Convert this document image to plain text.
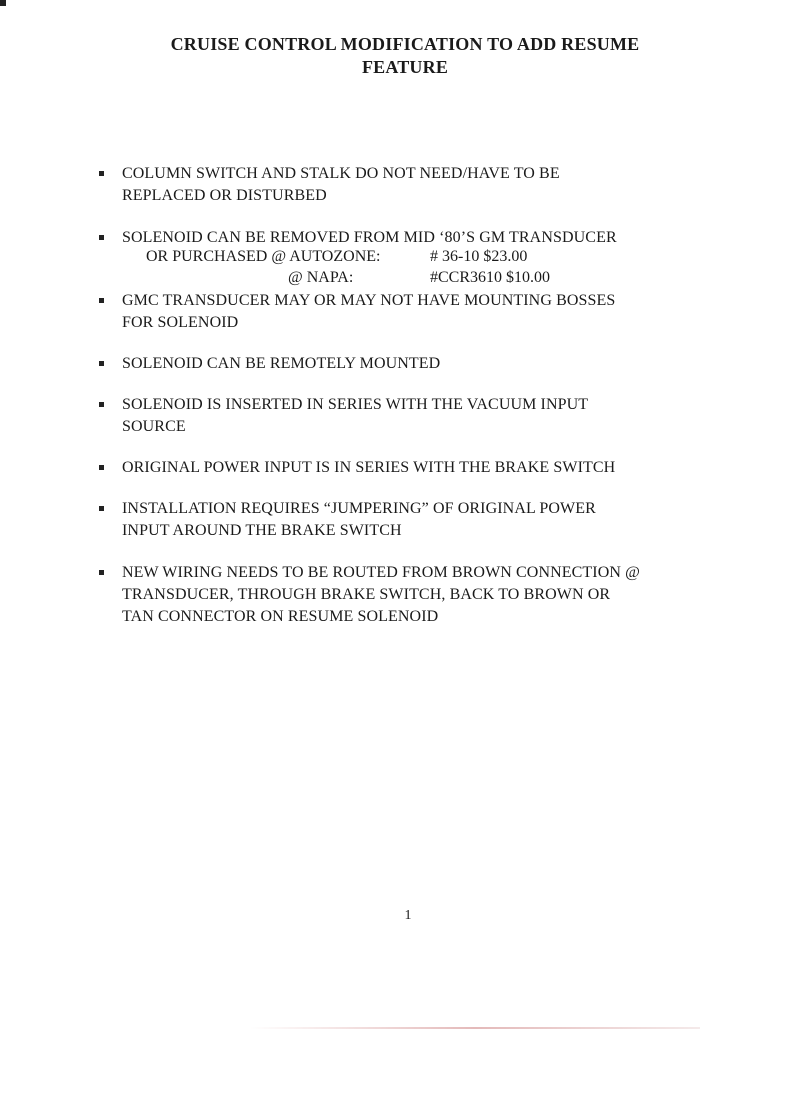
CRUISE CONTROL MODIFICATION TO ADD RESUME
FEATURE
COLUMN SWITCH AND STALK DO NOT NEED/HAVE TO BE
REPLACED OR DISTURBED
SOLENOID CAN BE REMOVED FROM MID ‘80’S GM TRANSDUCER
OR PURCHASED @ AUTOZONE:	# 36-10 $23.00
@ NAPA:	#CCR3610 $10.00
GMC TRANSDUCER MAY OR MAY NOT HAVE MOUNTING BOSSES
FOR SOLENOID
SOLENOID CAN BE REMOTELY MOUNTED
SOLENOID IS INSERTED IN SERIES WITH THE VACUUM INPUT
SOURCE
ORIGINAL POWER INPUT IS IN SERIES WITH THE BRAKE SWITCH
INSTALLATION REQUIRES “JUMPERING” OF ORIGINAL POWER
INPUT AROUND THE BRAKE SWITCH
NEW WIRING NEEDS TO BE ROUTED FROM BROWN CONNECTION @
TRANSDUCER, THROUGH BRAKE SWITCH, BACK TO BROWN OR
TAN CONNECTOR ON RESUME SOLENOID
1
